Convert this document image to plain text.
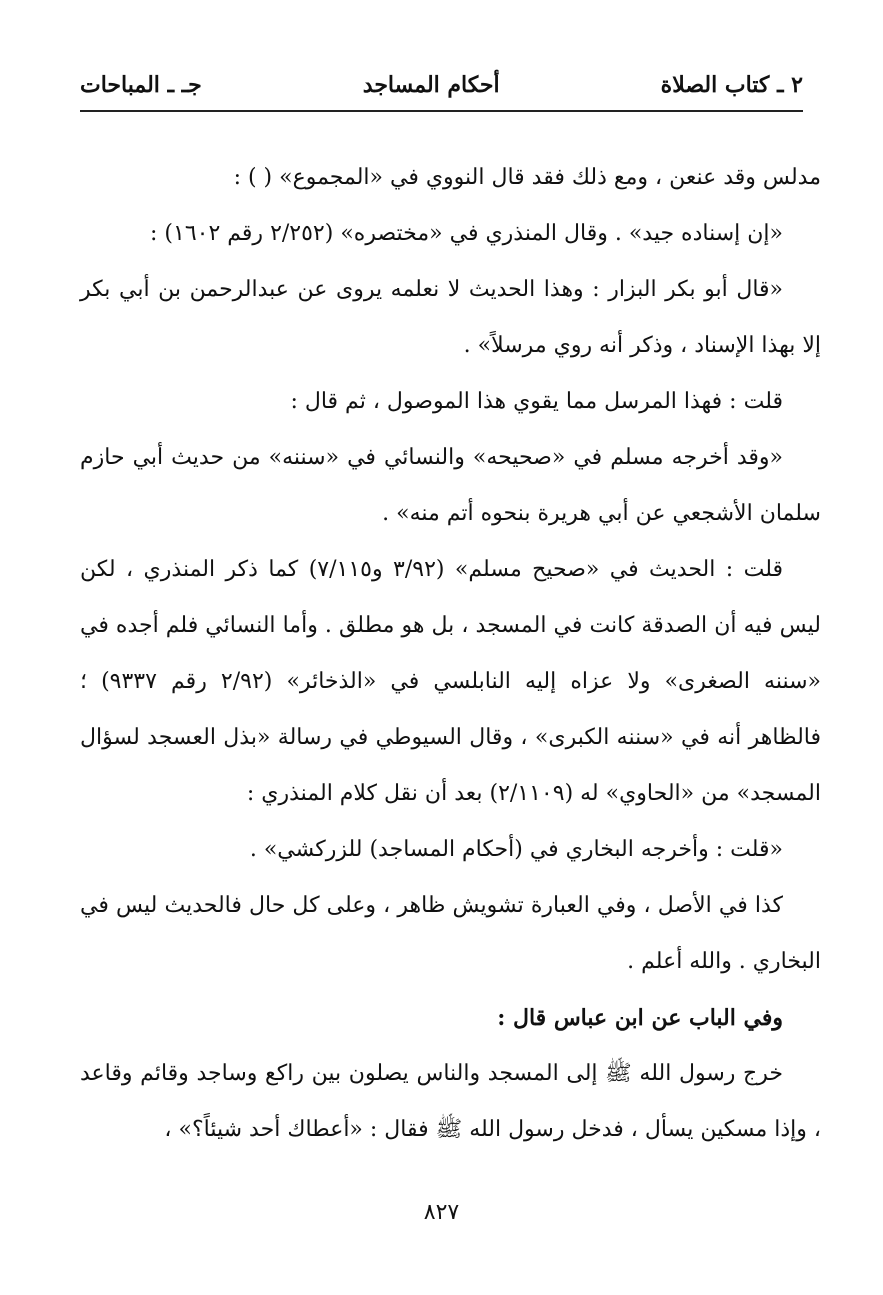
٢ ـ كتاب الصلاة
أحكام المساجد
جـ ـ المباحات

مدلس وقد عنعن ، ومع ذلك فقد قال النووي في «المجموع» ( ) :

«إن إسناده جيد» . وقال المنذري في «مختصره» (٢/٢٥٢ رقم ١٦٠٢) :

«قال أبو بكر البزار : وهذا الحديث لا نعلمه يروى عن عبدالرحمن بن أبي بكر إلا بهذا الإسناد ، وذكر أنه روي مرسلاً» .

قلت : فهذا المرسل مما يقوي هذا الموصول ، ثم قال :

«وقد أخرجه مسلم في «صحيحه» والنسائي في «سننه» من حديث أبي حازم سلمان الأشجعي عن أبي هريرة بنحوه أتم منه» .

قلت : الحديث في «صحيح مسلم» (٣/٩٢ و٧/١١٥) كما ذكر المنذري ، لكن ليس فيه أن الصدقة كانت في المسجد ، بل هو مطلق . وأما النسائي فلم أجده في «سننه الصغرى» ولا عزاه إليه النابلسي في «الذخائر» (٢/٩٢ رقم ٩٣٣٧) ؛ فالظاهر أنه في «سننه الكبرى» ، وقال السيوطي في رسالة «بذل العسجد لسؤال المسجد» من «الحاوي» له (٢/١١٠٩) بعد أن نقل كلام المنذري :

«قلت : وأخرجه البخاري في (أحكام المساجد) للزركشي» .

كذا في الأصل ، وفي العبارة تشويش ظاهر ، وعلى كل حال فالحديث ليس في البخاري . والله أعلم .

وفي الباب عن ابن عباس قال :

خرج رسول الله ﷺ إلى المسجد والناس يصلون بين راكع وساجد وقائم وقاعد ، وإذا مسكين يسأل ، فدخل رسول الله ﷺ فقال : «أعطاك أحد شيئاً؟» ،

٨٢٧
